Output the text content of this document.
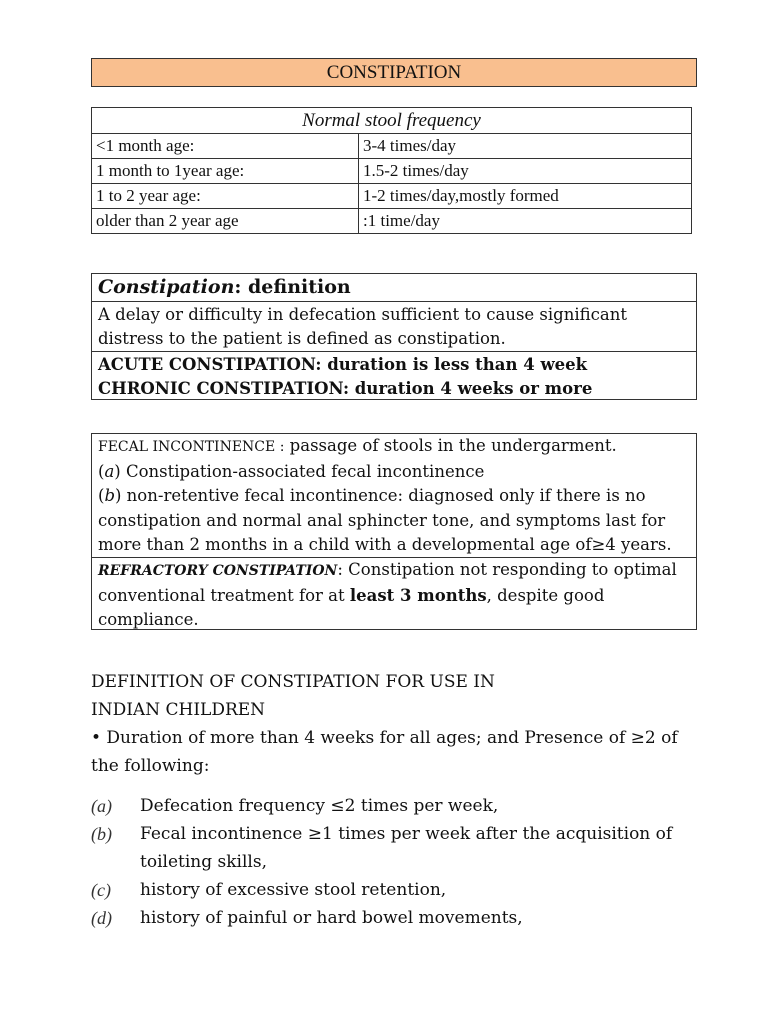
CONSTIPATION
Normal stool frequency	
<1 month age:	3-4 times/day
1 month to 1year age:	1.5-2 times/day
1 to 2 year age:	1-2 times/day,mostly formed
older than 2 year age	:1 time/day
Constipation: definition
A delay or difficulty in defecation sufficient to cause significant distress to the patient is defined as constipation.
ACUTE CONSTIPATION: duration is less than 4 week
CHRONIC CONSTIPATION: duration 4 weeks or more
FECAL INCONTINENCE : passage of stools in the undergarment.
(a) Constipation-associated fecal incontinence
(b) non-retentive fecal incontinence: diagnosed only if there is no constipation and normal anal sphincter tone, and symptoms last for more than 2 months in a child with a developmental age of≥4 years.
REFRACTORY CONSTIPATION: Constipation not responding to optimal conventional treatment for at least 3 months, despite good compliance.
DEFINITION OF CONSTIPATION FOR USE IN INDIAN CHILDREN
• Duration of more than 4 weeks for all ages; and Presence of ≥2 of the following:
(a)	Defecation frequency ≤2 times per week,
(b)	Fecal incontinence ≥1 times per week after the acquisition of toileting skills,
(c)	history of excessive stool retention,
(d)	history of painful or hard bowel movements,
